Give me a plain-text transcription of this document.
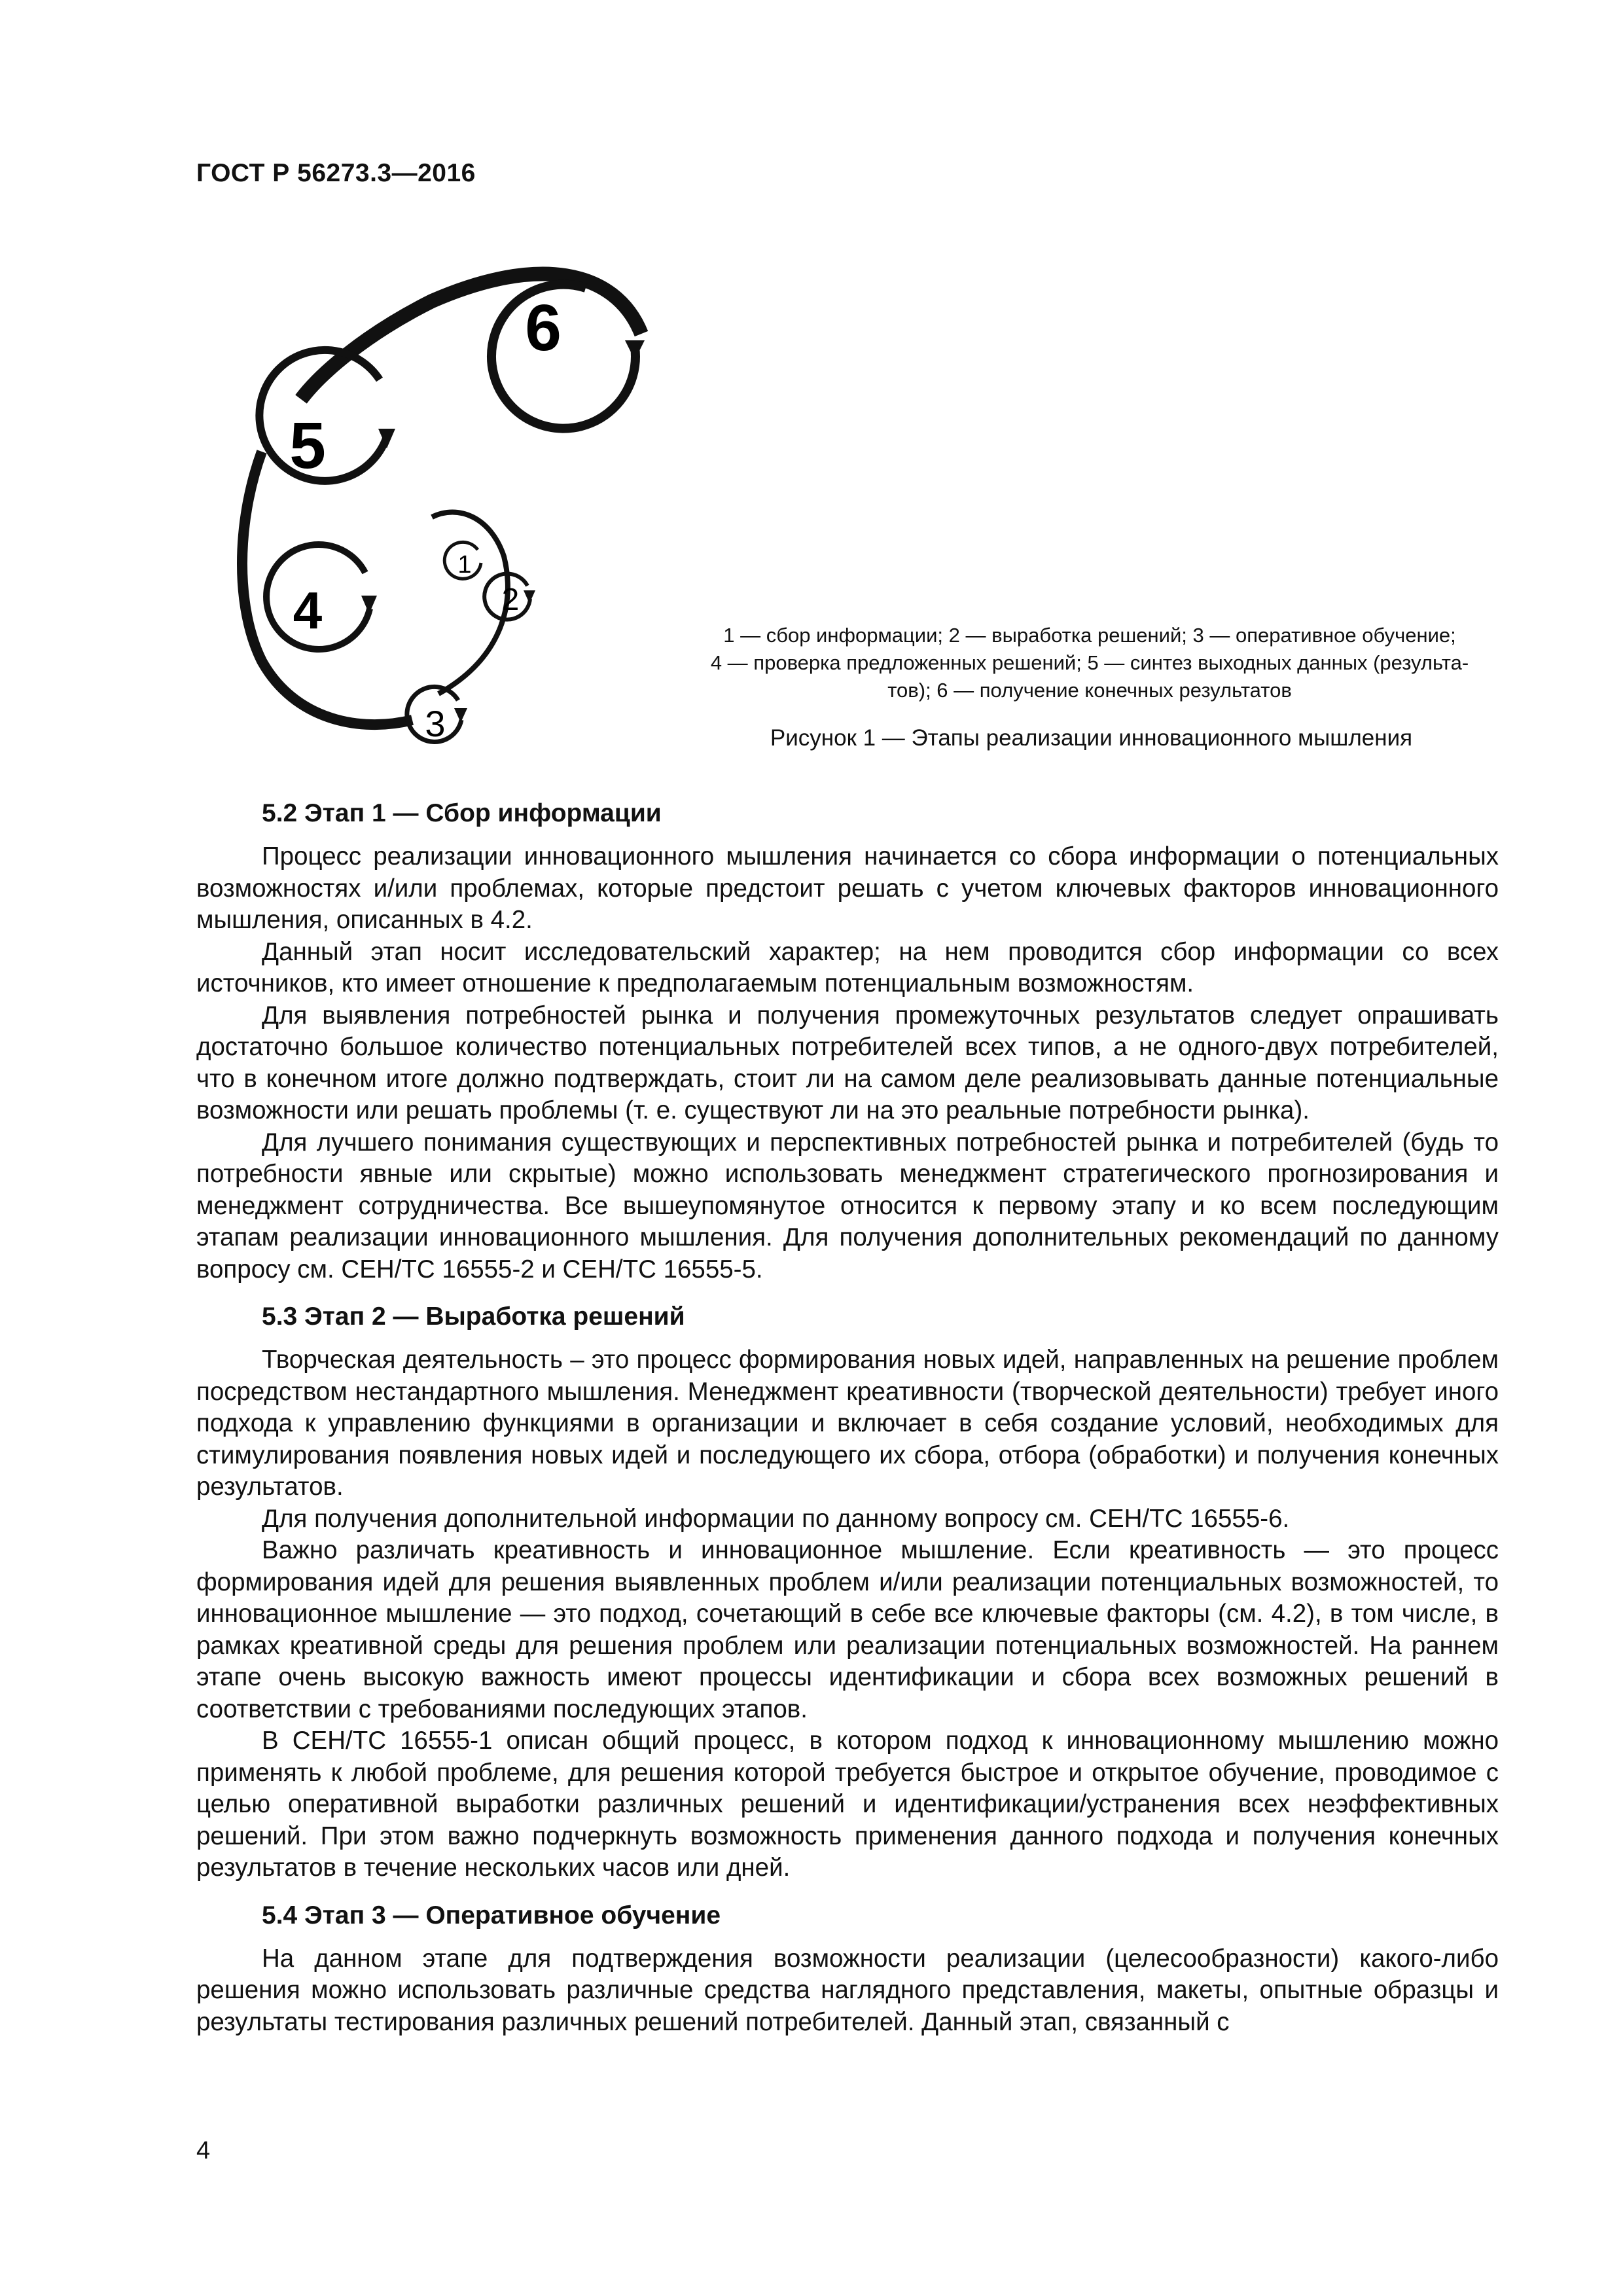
ГОСТ Р 56273.3—2016
6
5
4
3
2
1

1 — сбор информации; 2 — выработка решений; 3 — оперативное обучение;

4 — проверка предложенных решений; 5 — синтез выходных данных (результа-

тов); 6 — получение конечных результатов

Рисунок 1 — Этапы реализации инновационного мышления
5.2 Этап 1 — Сбор информации

Процесс реализации инновационного мышления начинается со сбора информации о потенциальных возможностях и/или проблемах, которые предстоит решать с учетом ключевых факторов инновационного мышления, описанных в 4.2.

Данный этап носит исследовательский характер; на нем проводится сбор информации со всех источников, кто имеет отношение к предполагаемым потенциальным возможностям.

Для выявления потребностей рынка и получения промежуточных результатов следует опрашивать достаточно большое количество потенциальных потребителей всех типов, а не одного-двух потребителей, что в конечном итоге должно подтверждать, стоит ли на самом деле реализовывать данные потенциальные возможности или решать проблемы (т. е. существуют ли на это реальные потребности рынка).

Для лучшего понимания существующих и перспективных потребностей рынка и потребителей (будь то потребности явные или скрытые) можно использовать менеджмент стратегического прогнозирования и менеджмент сотрудничества. Все вышеупомянутое относится к первому этапу и ко всем последующим этапам реализации инновационного мышления. Для получения дополнительных рекомендаций по данному вопросу см. CEH/TC 16555-2 и CEH/TC 16555-5.

5.3 Этап 2 — Выработка решений

Творческая деятельность – это процесс формирования новых идей, направленных на решение проблем посредством нестандартного мышления. Менеджмент креативности (творческой деятельности) требует иного подхода к управлению функциями в организации и включает в себя создание условий, необходимых для стимулирования появления новых идей и последующего их сбора, отбора (обработки) и получения конечных результатов.

Для получения дополнительной информации по данному вопросу см. CEH/TC 16555-6.

Важно различать креативность и инновационное мышление. Если креативность — это процесс формирования идей для решения выявленных проблем и/или реализации потенциальных возможностей, то инновационное мышление — это подход, сочетающий в себе все ключевые факторы (см. 4.2), в том числе, в рамках креативной среды для решения проблем или реализации потенциальных возможностей. На раннем этапе очень высокую важность имеют процессы идентификации и сбора всех возможных решений в соответствии с требованиями последующих этапов.

В CEH/TC 16555-1 описан общий процесс, в котором подход к инновационному мышлению можно применять к любой проблеме, для решения которой требуется быстрое и открытое обучение, проводимое с целью оперативной выработки различных решений и идентификации/устранения всех неэффективных решений. При этом важно подчеркнуть возможность применения данного подхода и получения конечных результатов в течение нескольких часов или дней.

5.4 Этап 3 — Оперативное обучение

На данном этапе для подтверждения возможности реализации (целесообразности) какого-либо решения можно использовать различные средства наглядного представления, макеты, опытные образцы и результаты тестирования различных решений потребителей. Данный этап, связанный с

4
